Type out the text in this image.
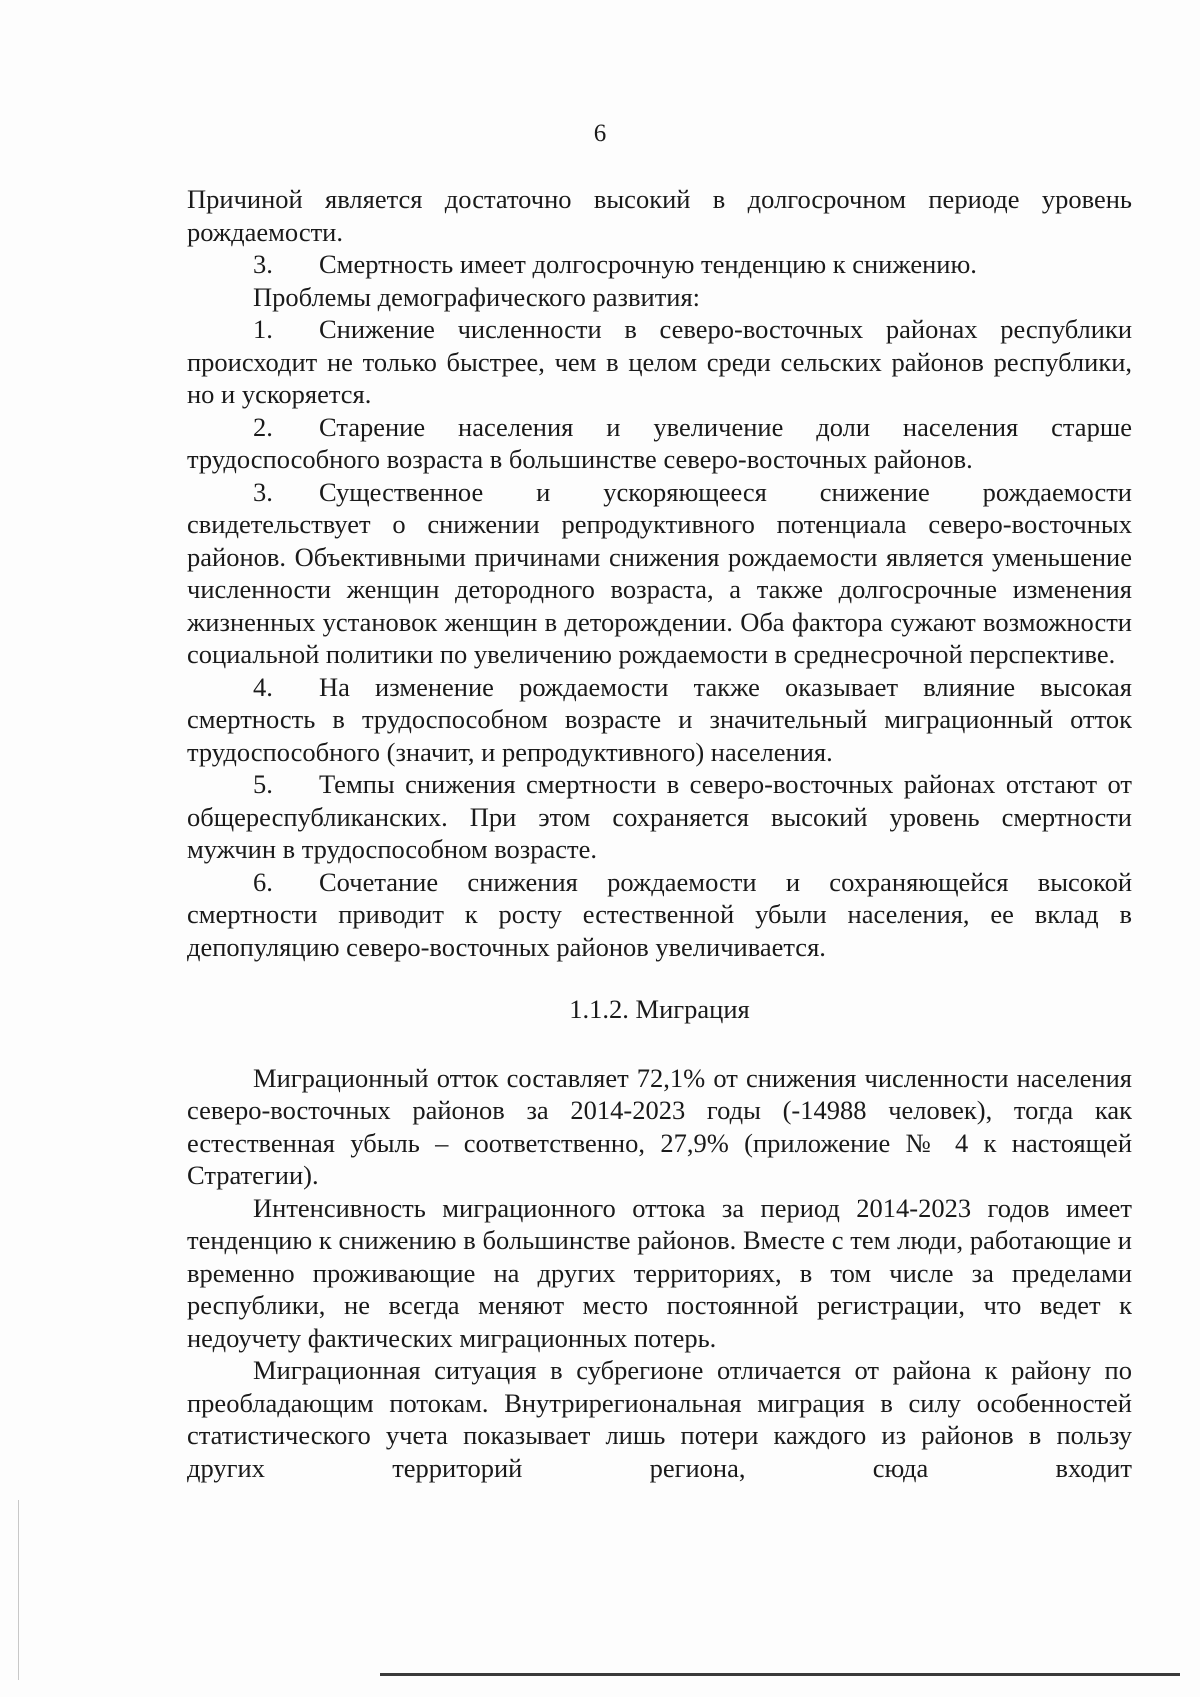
6

Причиной является достаточно высокий в долгосрочном периоде уровень рождаемости.

3. Смертность имеет долгосрочную тенденцию к снижению.

Проблемы демографического развития:

1. Снижение численности в северо-восточных районах республики происходит не только быстрее, чем в целом среди сельских районов республики, но и ускоряется.

2. Старение населения и увеличение доли населения старше трудоспособного возраста в большинстве северо-восточных районов.

3. Существенное и ускоряющееся снижение рождаемости свидетельствует о снижении репродуктивного потенциала северо-восточных районов. Объективными причинами снижения рождаемости является уменьшение численности женщин детородного возраста, а также долгосрочные изменения жизненных установок женщин в деторождении. Оба фактора сужают возможности социальной политики по увеличению рождаемости в среднесрочной перспективе.

4. На изменение рождаемости также оказывает влияние высокая смертность в трудоспособном возрасте и значительный миграционный отток трудоспособного (значит, и репродуктивного) населения.

5. Темпы снижения смертности в северо-восточных районах отстают от общереспубликанских. При этом сохраняется высокий уровень смертности мужчин в трудоспособном возрасте.

6. Сочетание снижения рождаемости и сохраняющейся высокой смертности приводит к росту естественной убыли населения, ее вклад в депопуляцию северо-восточных районов увеличивается.

1.1.2. Миграция

Миграционный отток составляет 72,1% от снижения численности населения северо-восточных районов за 2014-2023 годы (-14988 человек), тогда как естественная убыль – соответственно, 27,9% (приложение № 4 к настоящей Стратегии).

Интенсивность миграционного оттока за период 2014-2023 годов имеет тенденцию к снижению в большинстве районов. Вместе с тем люди, работающие и временно проживающие на других территориях, в том числе за пределами республики, не всегда меняют место постоянной регистрации, что ведет к недоучету фактических миграционных потерь.

Миграционная ситуация в субрегионе отличается от района к району по преобладающим потокам. Внутрирегиональная миграция в силу особенностей статистического учета показывает лишь потери каждого из районов в пользу других территорий региона, сюда входит
